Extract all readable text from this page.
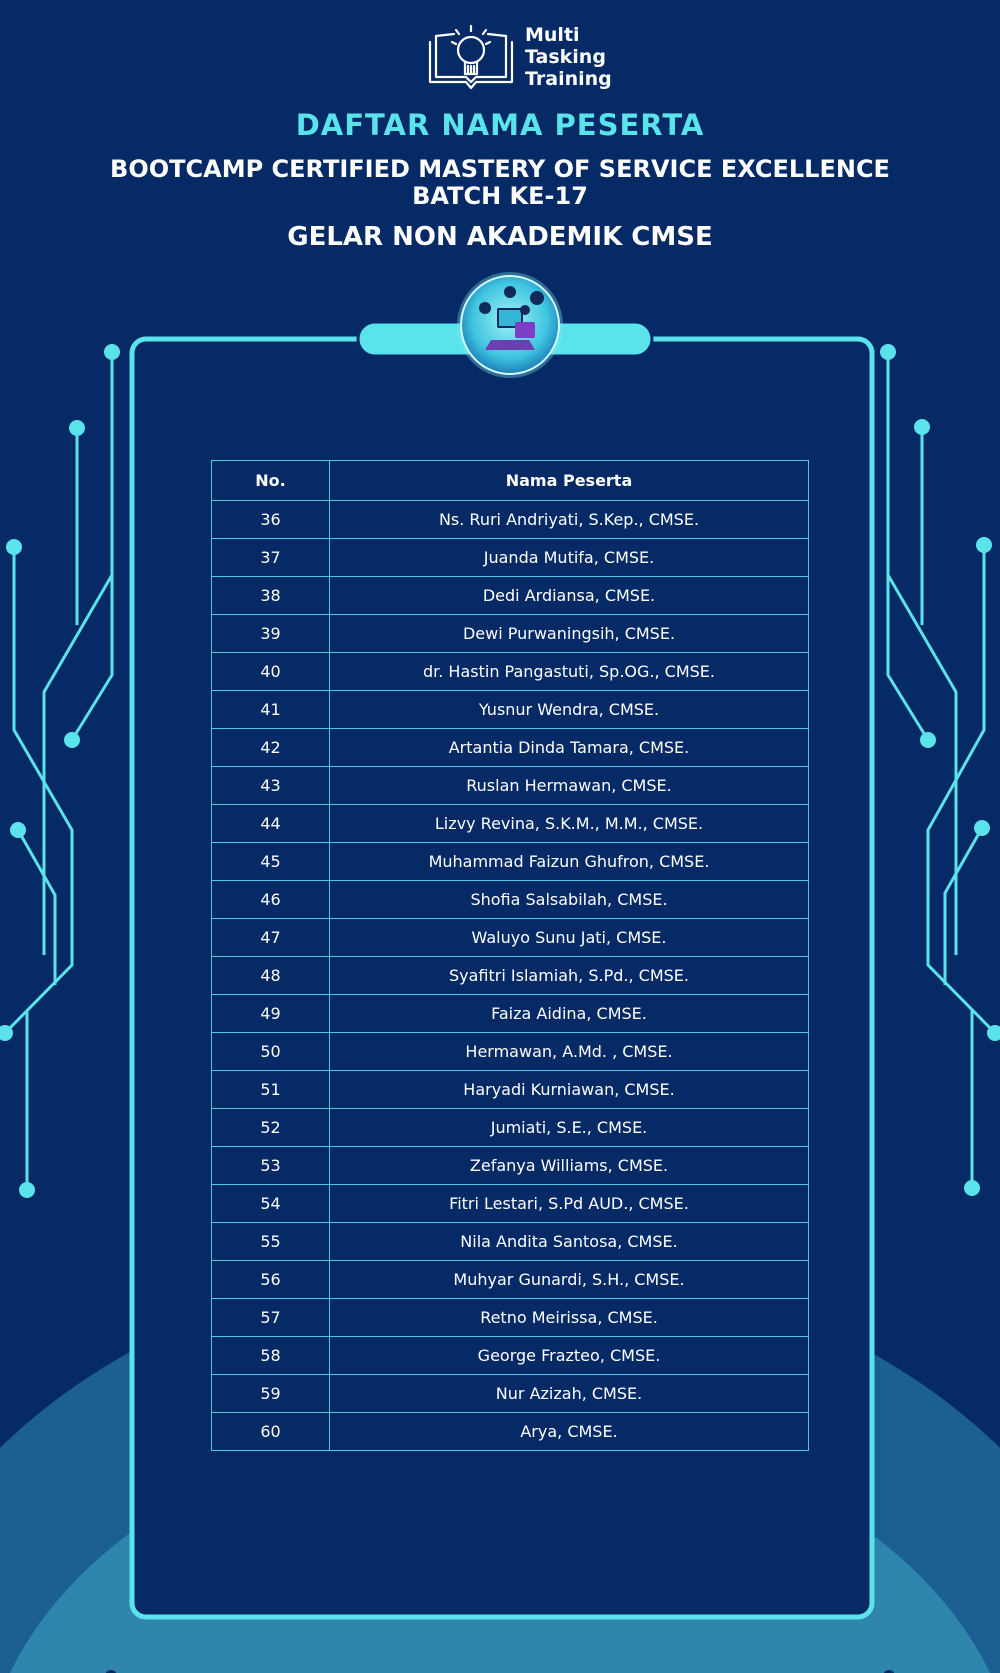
Multi
Tasking
Training
DAFTAR NAMA PESERTA
BOOTCAMP CERTIFIED MASTERY OF SERVICE EXCELLENCE
BATCH KE-17
GELAR NON AKADEMIK CMSE
No.	Nama Peserta
36	Ns. Ruri Andriyati, S.Kep., CMSE.
37	Juanda Mutifa, CMSE.
38	Dedi Ardiansa, CMSE.
39	Dewi Purwaningsih, CMSE.
40	dr. Hastin Pangastuti, Sp.OG., CMSE.
41	Yusnur Wendra, CMSE.
42	Artantia Dinda Tamara, CMSE.
43	Ruslan Hermawan, CMSE.
44	Lizvy Revina, S.K.M., M.M., CMSE.
45	Muhammad Faizun Ghufron, CMSE.
46	Shofia Salsabilah, CMSE.
47	Waluyo Sunu Jati, CMSE.
48	Syafitri Islamiah, S.Pd., CMSE.
49	Faiza Aidina, CMSE.
50	Hermawan, A.Md. , CMSE.
51	Haryadi Kurniawan, CMSE.
52	Jumiati, S.E., CMSE.
53	Zefanya Williams, CMSE.
54	Fitri Lestari, S.Pd AUD., CMSE.
55	Nila Andita Santosa, CMSE.
56	Muhyar Gunardi, S.H., CMSE.
57	Retno Meirissa, CMSE.
58	George Frazteo, CMSE.
59	Nur Azizah, CMSE.
60	Arya, CMSE.
